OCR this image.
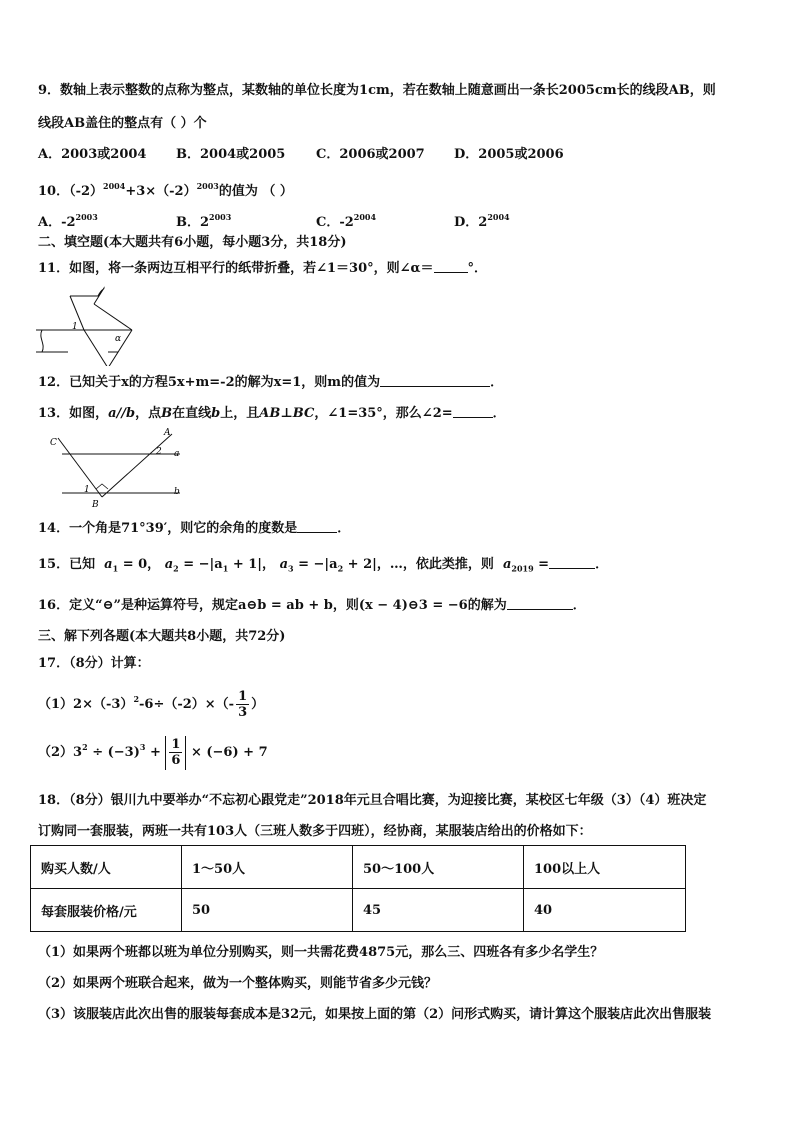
9．数轴上表示整数的点称为整点，某数轴的单位长度为1cm，若在数轴上随意画出一条长2005cm长的线段AB，则
线段AB盖住的整点有（ ）个
A．2003或2004 B．2004或2005 C．2006或2007 D．2005或2006
10．$(-2)^{2004}+3\times(-2)^{2003}$的值为 （ ）
A．$-2^{2003}$	B．$2^{2003}$	C．$-2^{2004}$	D．$2^{2004}$
二、填空题(本大题共有6小题，每小题3分，共18分)
11．如图，将一条两边互相平行的纸带折叠，若∠1＝30°，则∠α＝	°．
1
α
12．已知关于x的方程5x+m=-2的解为x=1，则m的值为	．
13．如图，a//b，点B在直线b上，且AB⊥BC，∠1=35°，那么∠2=	．
C
A
a
b
B
1
2
14．一个角是71°39′，则它的余角的度数是	．
15．已知 $a_1 = 0$， $a_2 = -|a_1 + 1|$， $a_3 = -|a_2 + 2|$，…，依此类推，则 $a_{2019}$ =	．
16．定义“⊖”是种运算符号，规定a⊖b = ab + b，则(x − 4)⊖3 = −6的解为	．
三、解下列各题(本大题共8小题，共72分)
17．（8分）计算：
$(1)2\times(-3)^2-6\div(-2)\times(- \frac{1}{3}$ ）
$(2)3^2 \div (-3)^3 + \frac{1}{6} \times (-6) + 7$
18．（8分）银川九中要举办“不忘初心跟党走”2018年元旦合唱比赛，为迎接比赛，某校区七年级（3）（4）班决定
订购同一套服装，两班一共有103人（三班人数多于四班），经协商，某服装店给出的价格如下：
购买人数/人	1～50人	50～100人	100以上人
每套服装价格/元	50	45	40
（1）如果两个班都以班为单位分别购买，则一共需花费4875元，那么三、四班各有多少名学生？
（2）如果两个班联合起来，做为一个整体购买，则能节省多少元钱？
（3）该服装店此次出售的服装每套成本是32元，如果按上面的第（2）问形式购买，请计算这个服装店此次出售服装
